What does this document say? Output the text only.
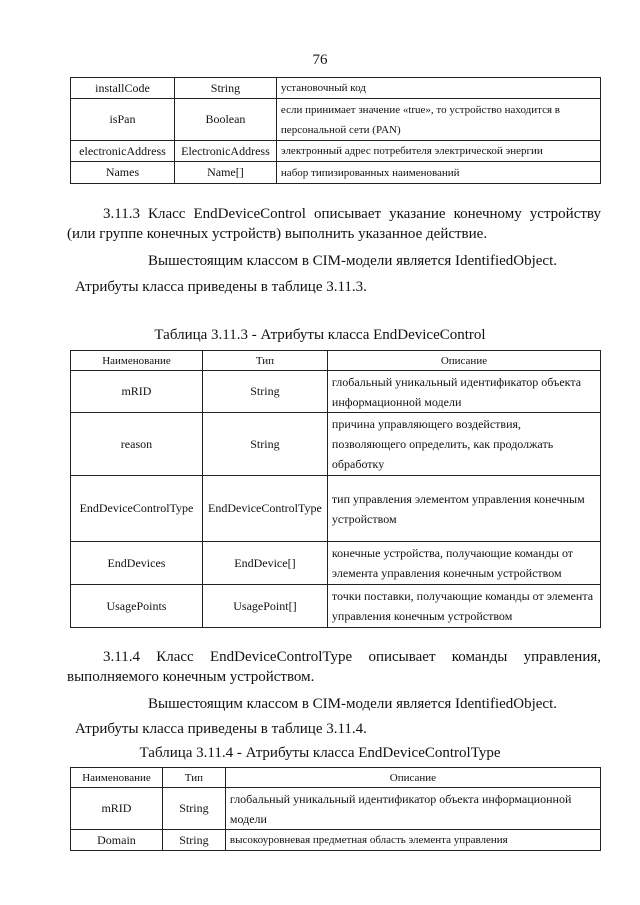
76
installCode	String	установочный код
isPan	Boolean	если принимает значение «true», то устройство находится в персональной сети (PAN)
electronicAddress	ElectronicAddress	электронный адрес потребителя электрической энергии
Names	Name[]	набор типизированных наименований
3.11.3 Класс EndDeviceControl описывает указание конечному устройству (или группе конечных устройств) выполнить указанное действие.
Вышестоящим классом в CIM-модели является IdentifiedObject.
Атрибуты класса приведены в таблице 3.11.3.
Таблица 3.11.3 - Атрибуты класса EndDeviceControl
Наименование	Тип	Описание
mRID	String	глобальный уникальный идентификатор объекта информационной модели
reason	String	причина управляющего воздействия, позволяющего определить, как продолжать обработку
EndDeviceControlType	EndDeviceControlType	тип управления элементом управления конечным устройством
EndDevices	EndDevice[]	конечные устройства, получающие команды от элемента управления конечным устройством
UsagePoints	UsagePoint[]	точки поставки, получающие команды от элемента управления конечным устройством
3.11.4 Класс EndDeviceControlType описывает команды управления, выполняемого конечным устройством.
Вышестоящим классом в CIM-модели является IdentifiedObject.
Атрибуты класса приведены в таблице 3.11.4.
Таблица 3.11.4 - Атрибуты класса EndDeviceControlType
Наименование	Тип	Описание
mRID	String	глобальный уникальный идентификатор объекта информационной модели
Domain	String	высокоуровневая предметная область элемента управления
